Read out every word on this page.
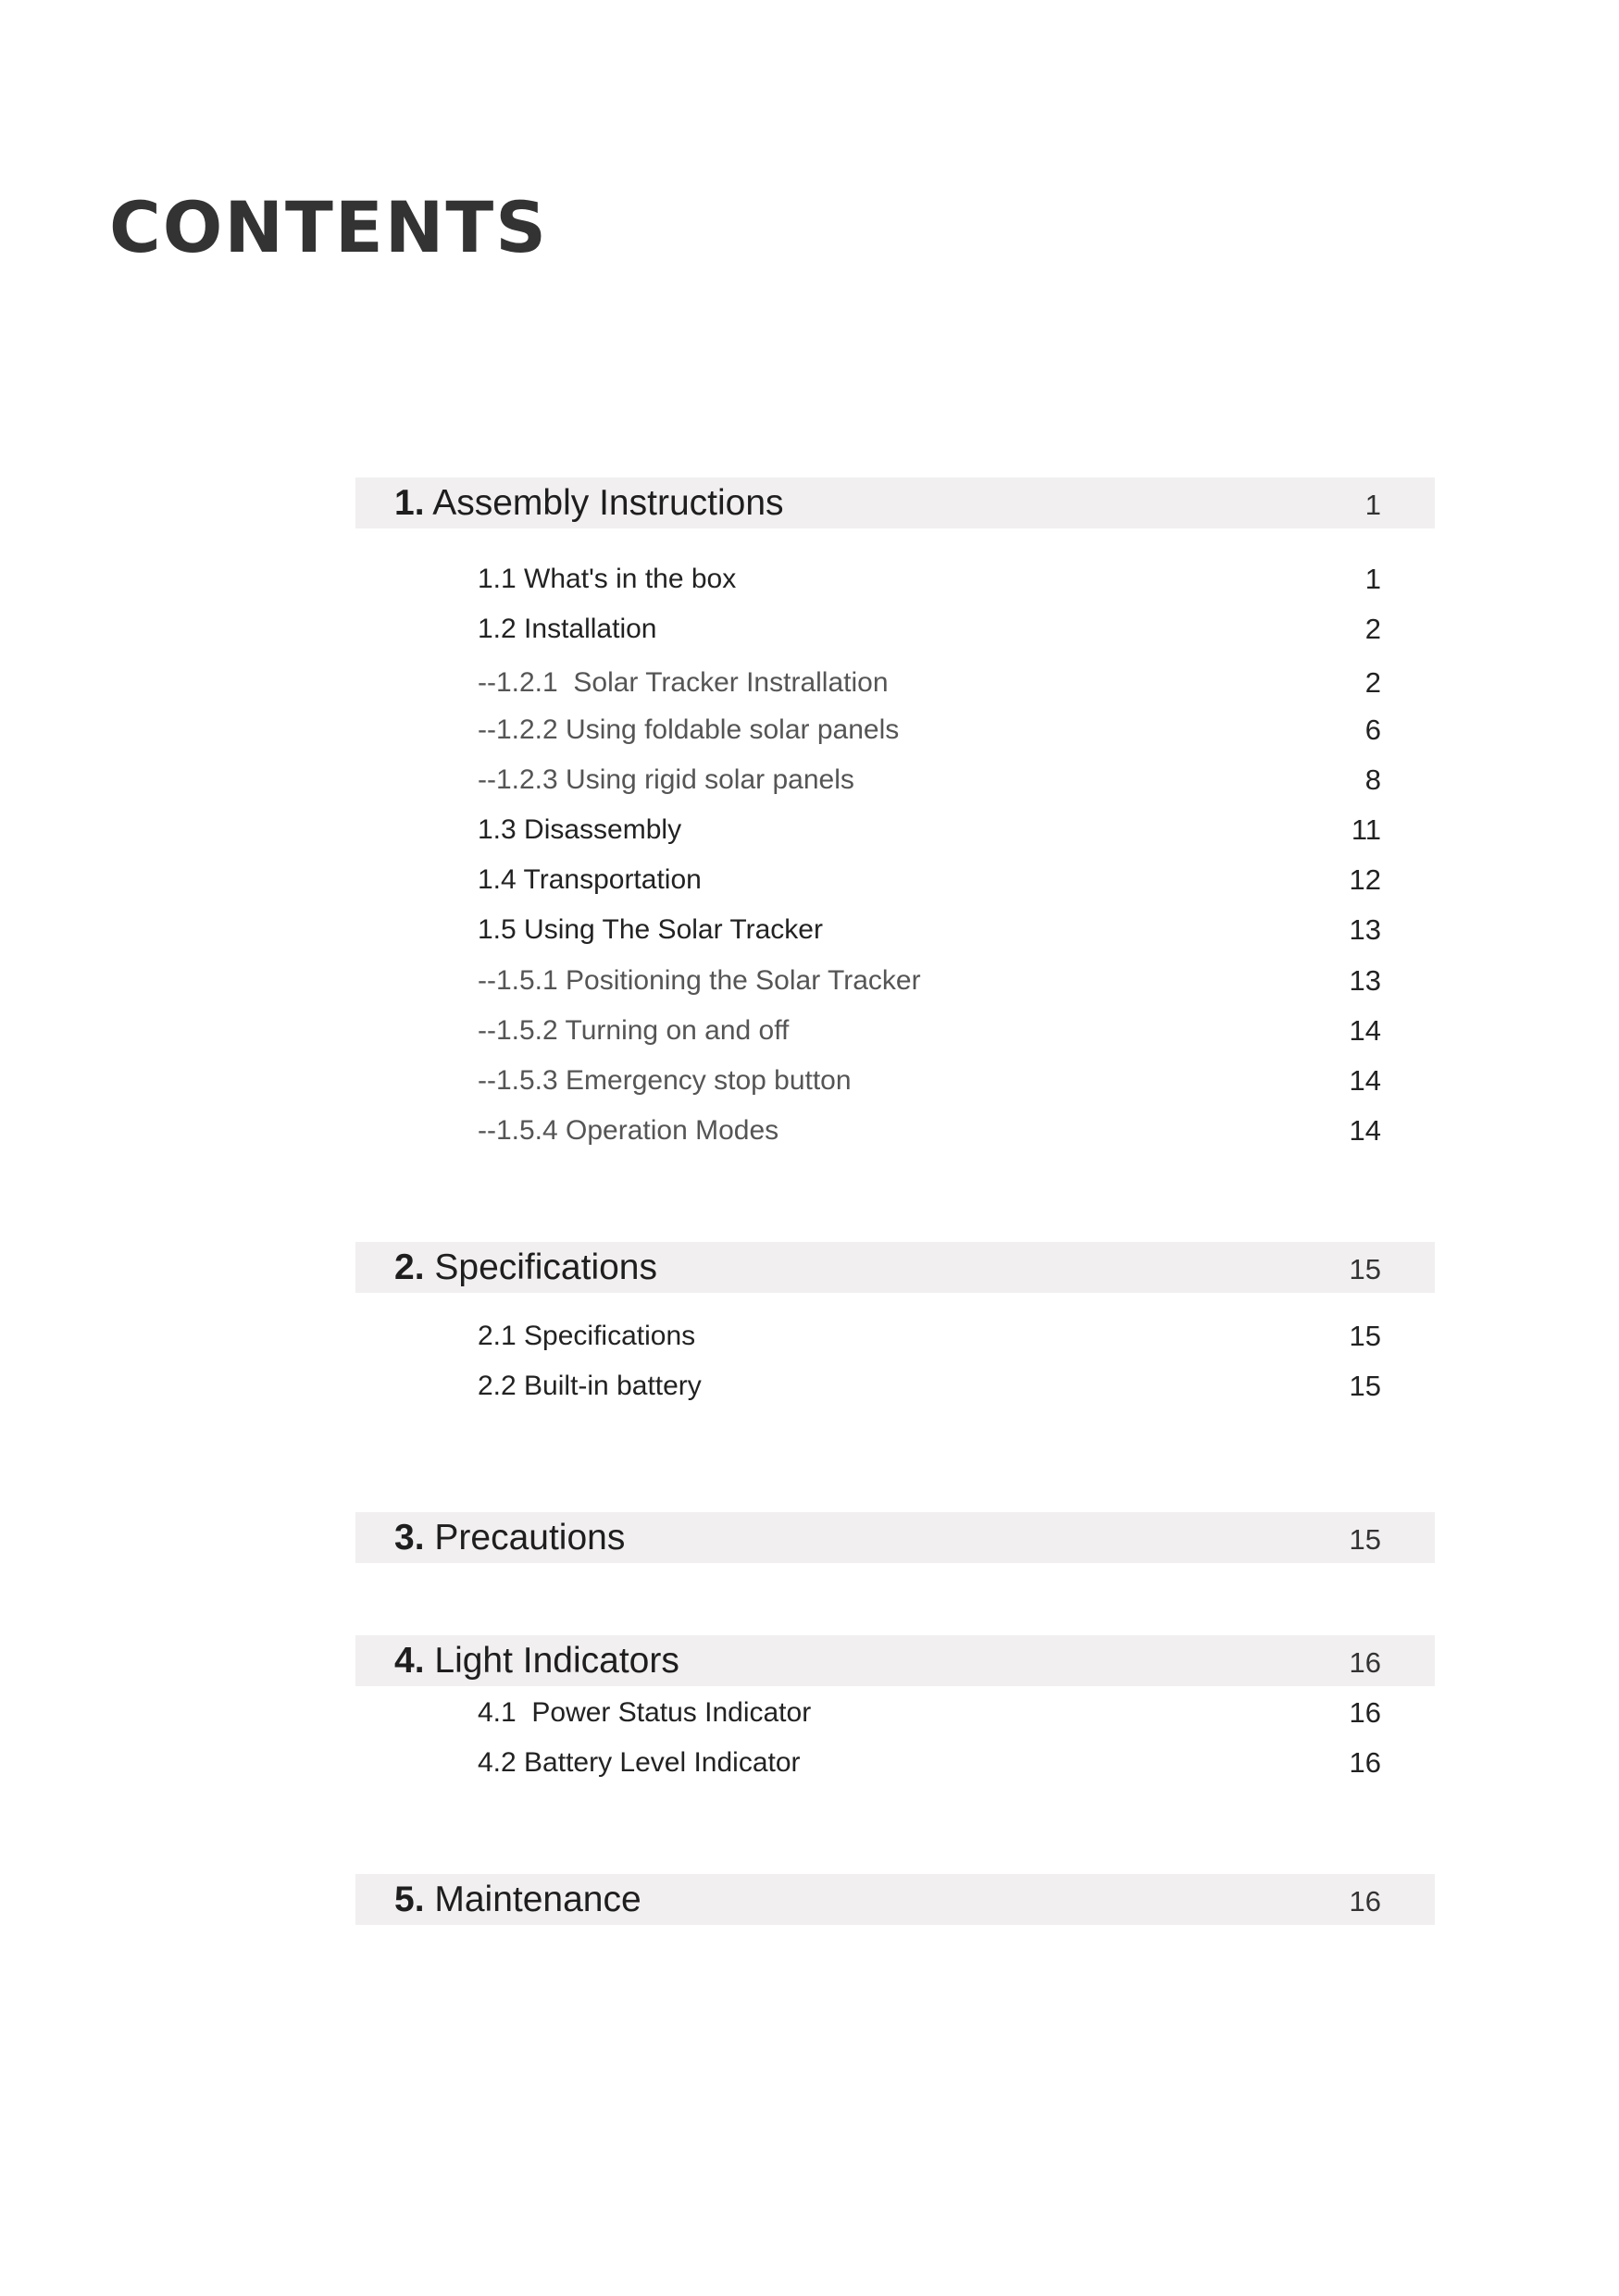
CONTENTS
1. Assembly Instructions	1
1.1 What's in the box	1
1.2 Installation	2
--1.2.1  Solar Tracker Instrallation	2
--1.2.2 Using foldable solar panels	6
--1.2.3 Using rigid solar panels	8
1.3 Disassembly	11
1.4 Transportation	12
1.5 Using The Solar Tracker	13
--1.5.1 Positioning the Solar Tracker	13
--1.5.2 Turning on and off	14
--1.5.3 Emergency stop button	14
--1.5.4 Operation Modes	14
2. Specifications	15
2.1 Specifications	15
2.2 Built-in battery	15
3. Precautions	15
4. Light Indicators	16
4.1  Power Status Indicator	16
4.2 Battery Level Indicator	16
5. Maintenance	16
